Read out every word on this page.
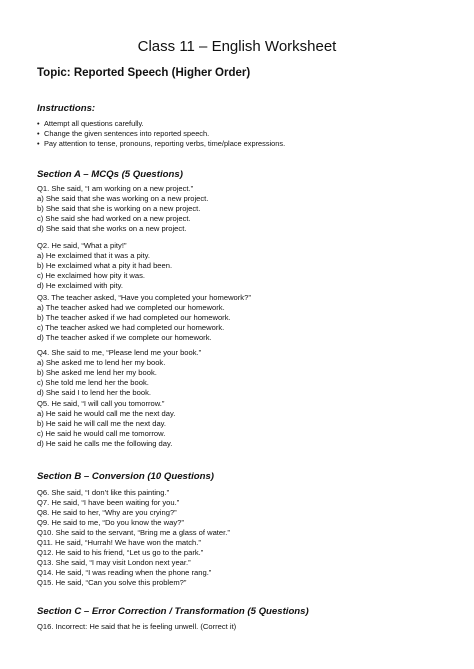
Class 11 – English Worksheet
Topic: Reported Speech (Higher Order)
Instructions:
• Attempt all questions carefully.
• Change the given sentences into reported speech.
• Pay attention to tense, pronouns, reporting verbs, time/place expressions.
Section A – MCQs (5 Questions)
Q1. She said, “I am working on a new project.”
a) She said that she was working on a new project.
b) She said that she is working on a new project.
c) She said she had worked on a new project.
d) She said that she works on a new project.
Q2. He said, “What a pity!”
a) He exclaimed that it was a pity.
b) He exclaimed what a pity it had been.
c) He exclaimed how pity it was.
d) He exclaimed with pity.
Q3. The teacher asked, “Have you completed your homework?”
a) The teacher asked had we completed our homework.
b) The teacher asked if we had completed our homework.
c) The teacher asked we had completed our homework.
d) The teacher asked if we complete our homework.
Q4. She said to me, “Please lend me your book.”
a) She asked me to lend her my book.
b) She asked me lend her my book.
c) She told me lend her the book.
d) She said I to lend her the book.
Q5. He said, “I will call you tomorrow.”
a) He said he would call me the next day.
b) He said he will call me the next day.
c) He said he would call me tomorrow.
d) He said he calls me the following day.
Section B – Conversion (10 Questions)
Q6. She said, “I don’t like this painting.”
Q7. He said, “I have been waiting for you.”
Q8. He said to her, “Why are you crying?”
Q9. He said to me, “Do you know the way?”
Q10. She said to the servant, “Bring me a glass of water.”
Q11. He said, “Hurrah! We have won the match.”
Q12. He said to his friend, “Let us go to the park.”
Q13. She said, “I may visit London next year.”
Q14. He said, “I was reading when the phone rang.”
Q15. He said, “Can you solve this problem?”
Section C – Error Correction / Transformation (5 Questions)
Q16. Incorrect: He said that he is feeling unwell. (Correct it)
